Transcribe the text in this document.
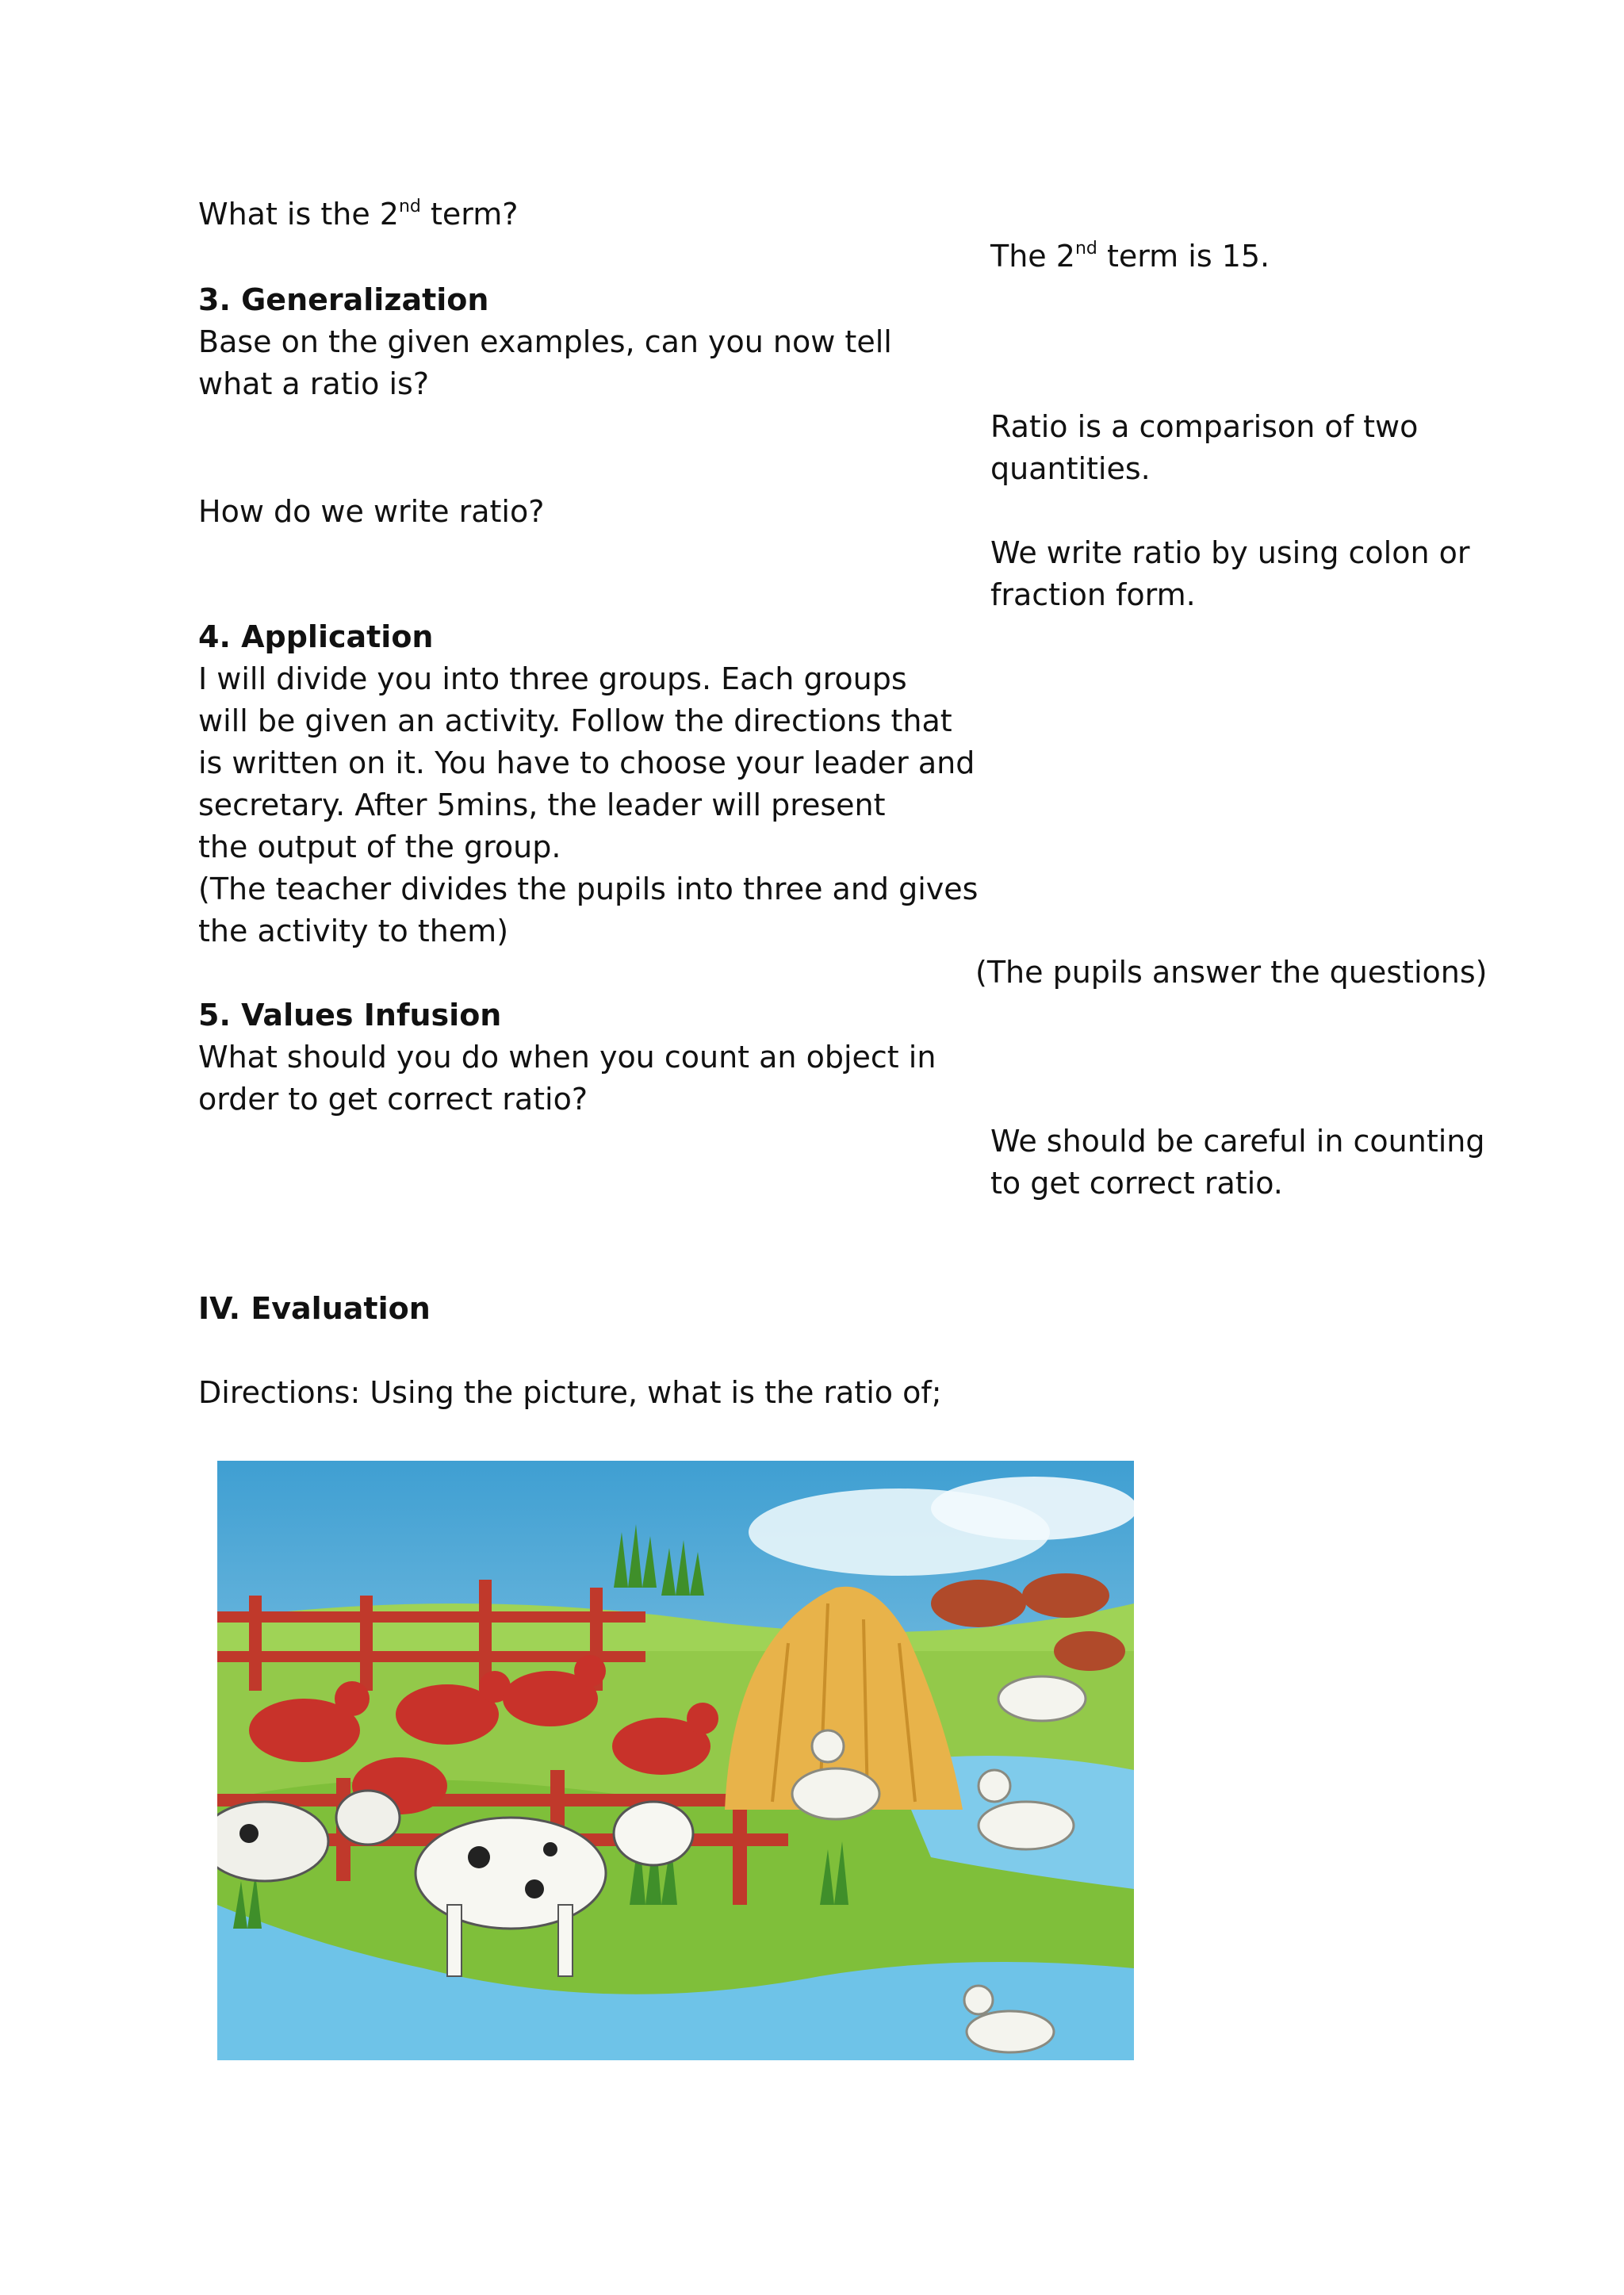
What is the 2nd term?

The 2nd term is 15.

3. Generalization

Base on the given examples, can you now tell

what a ratio is?

Ratio is a comparison of two

quantities.

How do we write ratio?

We write ratio by using colon or

fraction form.

4. Application

I will divide you into three groups. Each groups

will be given an activity. Follow the directions that

is written on it. You have to choose your leader and

secretary. After 5mins, the leader will present

the output of the group.

(The teacher divides the pupils into three and gives

the activity to them)

(The pupils answer the questions)

5. Values Infusion

What should you do when you count an object in

order to get correct ratio?

We should be careful in counting

to get correct ratio.

IV. Evaluation

Directions: Using the picture, what is the ratio of;
